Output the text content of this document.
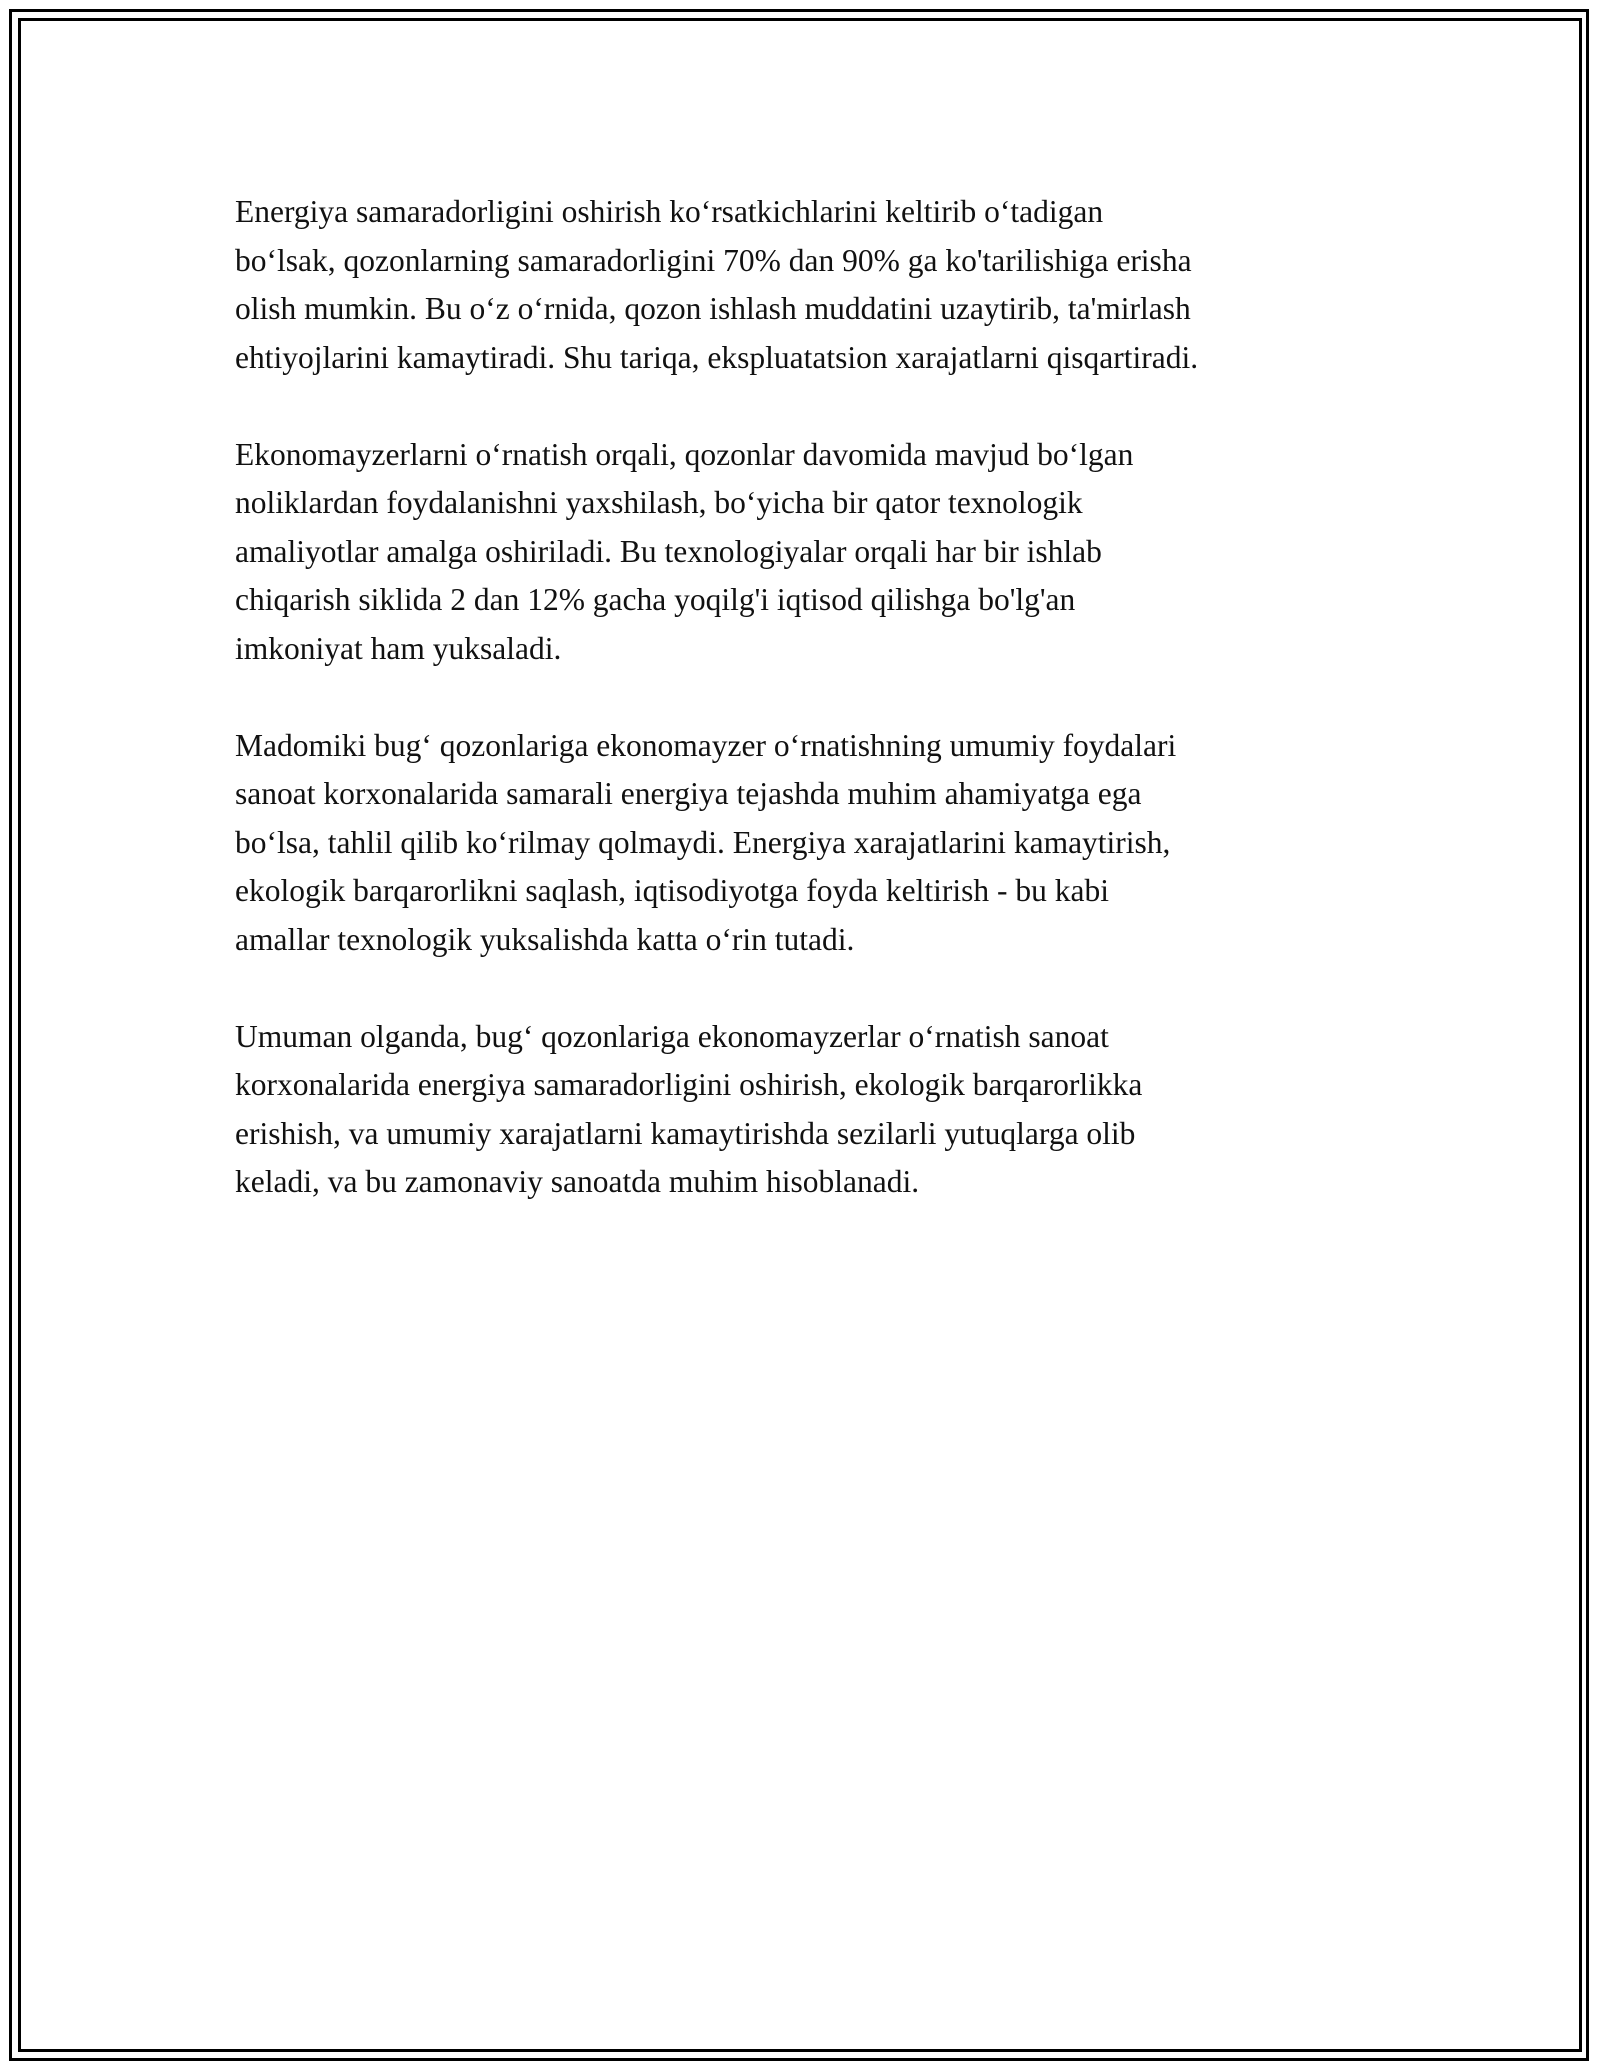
Energiya samaradorligini oshirish ko‘rsatkichlarini keltirib o‘tadigan
bo‘lsak, qozonlarning samaradorligini 70% dan 90% ga ko'tarilishiga erisha
olish mumkin. Bu o‘z o‘rnida, qozon ishlash muddatini uzaytirib, ta'mirlash
ehtiyojlarini kamaytiradi. Shu tariqa, ekspluatatsion xarajatlarni qisqartiradi.

Ekonomayzerlarni o‘rnatish orqali, qozonlar davomida mavjud bo‘lgan
noliklardan foydalanishni yaxshilash, bo‘yicha bir qator texnologik
amaliyotlar amalga oshiriladi. Bu texnologiyalar orqali har bir ishlab
chiqarish siklida 2 dan 12% gacha yoqilg'i iqtisod qilishga bo'lg'an
imkoniyat ham yuksaladi.

Madomiki bug‘ qozonlariga ekonomayzer o‘rnatishning umumiy foydalari
sanoat korxonalarida samarali energiya tejashda muhim ahamiyatga ega
bo‘lsa, tahlil qilib ko‘rilmay qolmaydi. Energiya xarajatlarini kamaytirish,
ekologik barqarorlikni saqlash, iqtisodiyotga foyda keltirish - bu kabi
amallar texnologik yuksalishda katta o‘rin tutadi.

Umuman olganda, bug‘ qozonlariga ekonomayzerlar o‘rnatish sanoat
korxonalarida energiya samaradorligini oshirish, ekologik barqarorlikka
erishish, va umumiy xarajatlarni kamaytirishda sezilarli yutuqlarga olib
keladi, va bu zamonaviy sanoatda muhim hisoblanadi.
